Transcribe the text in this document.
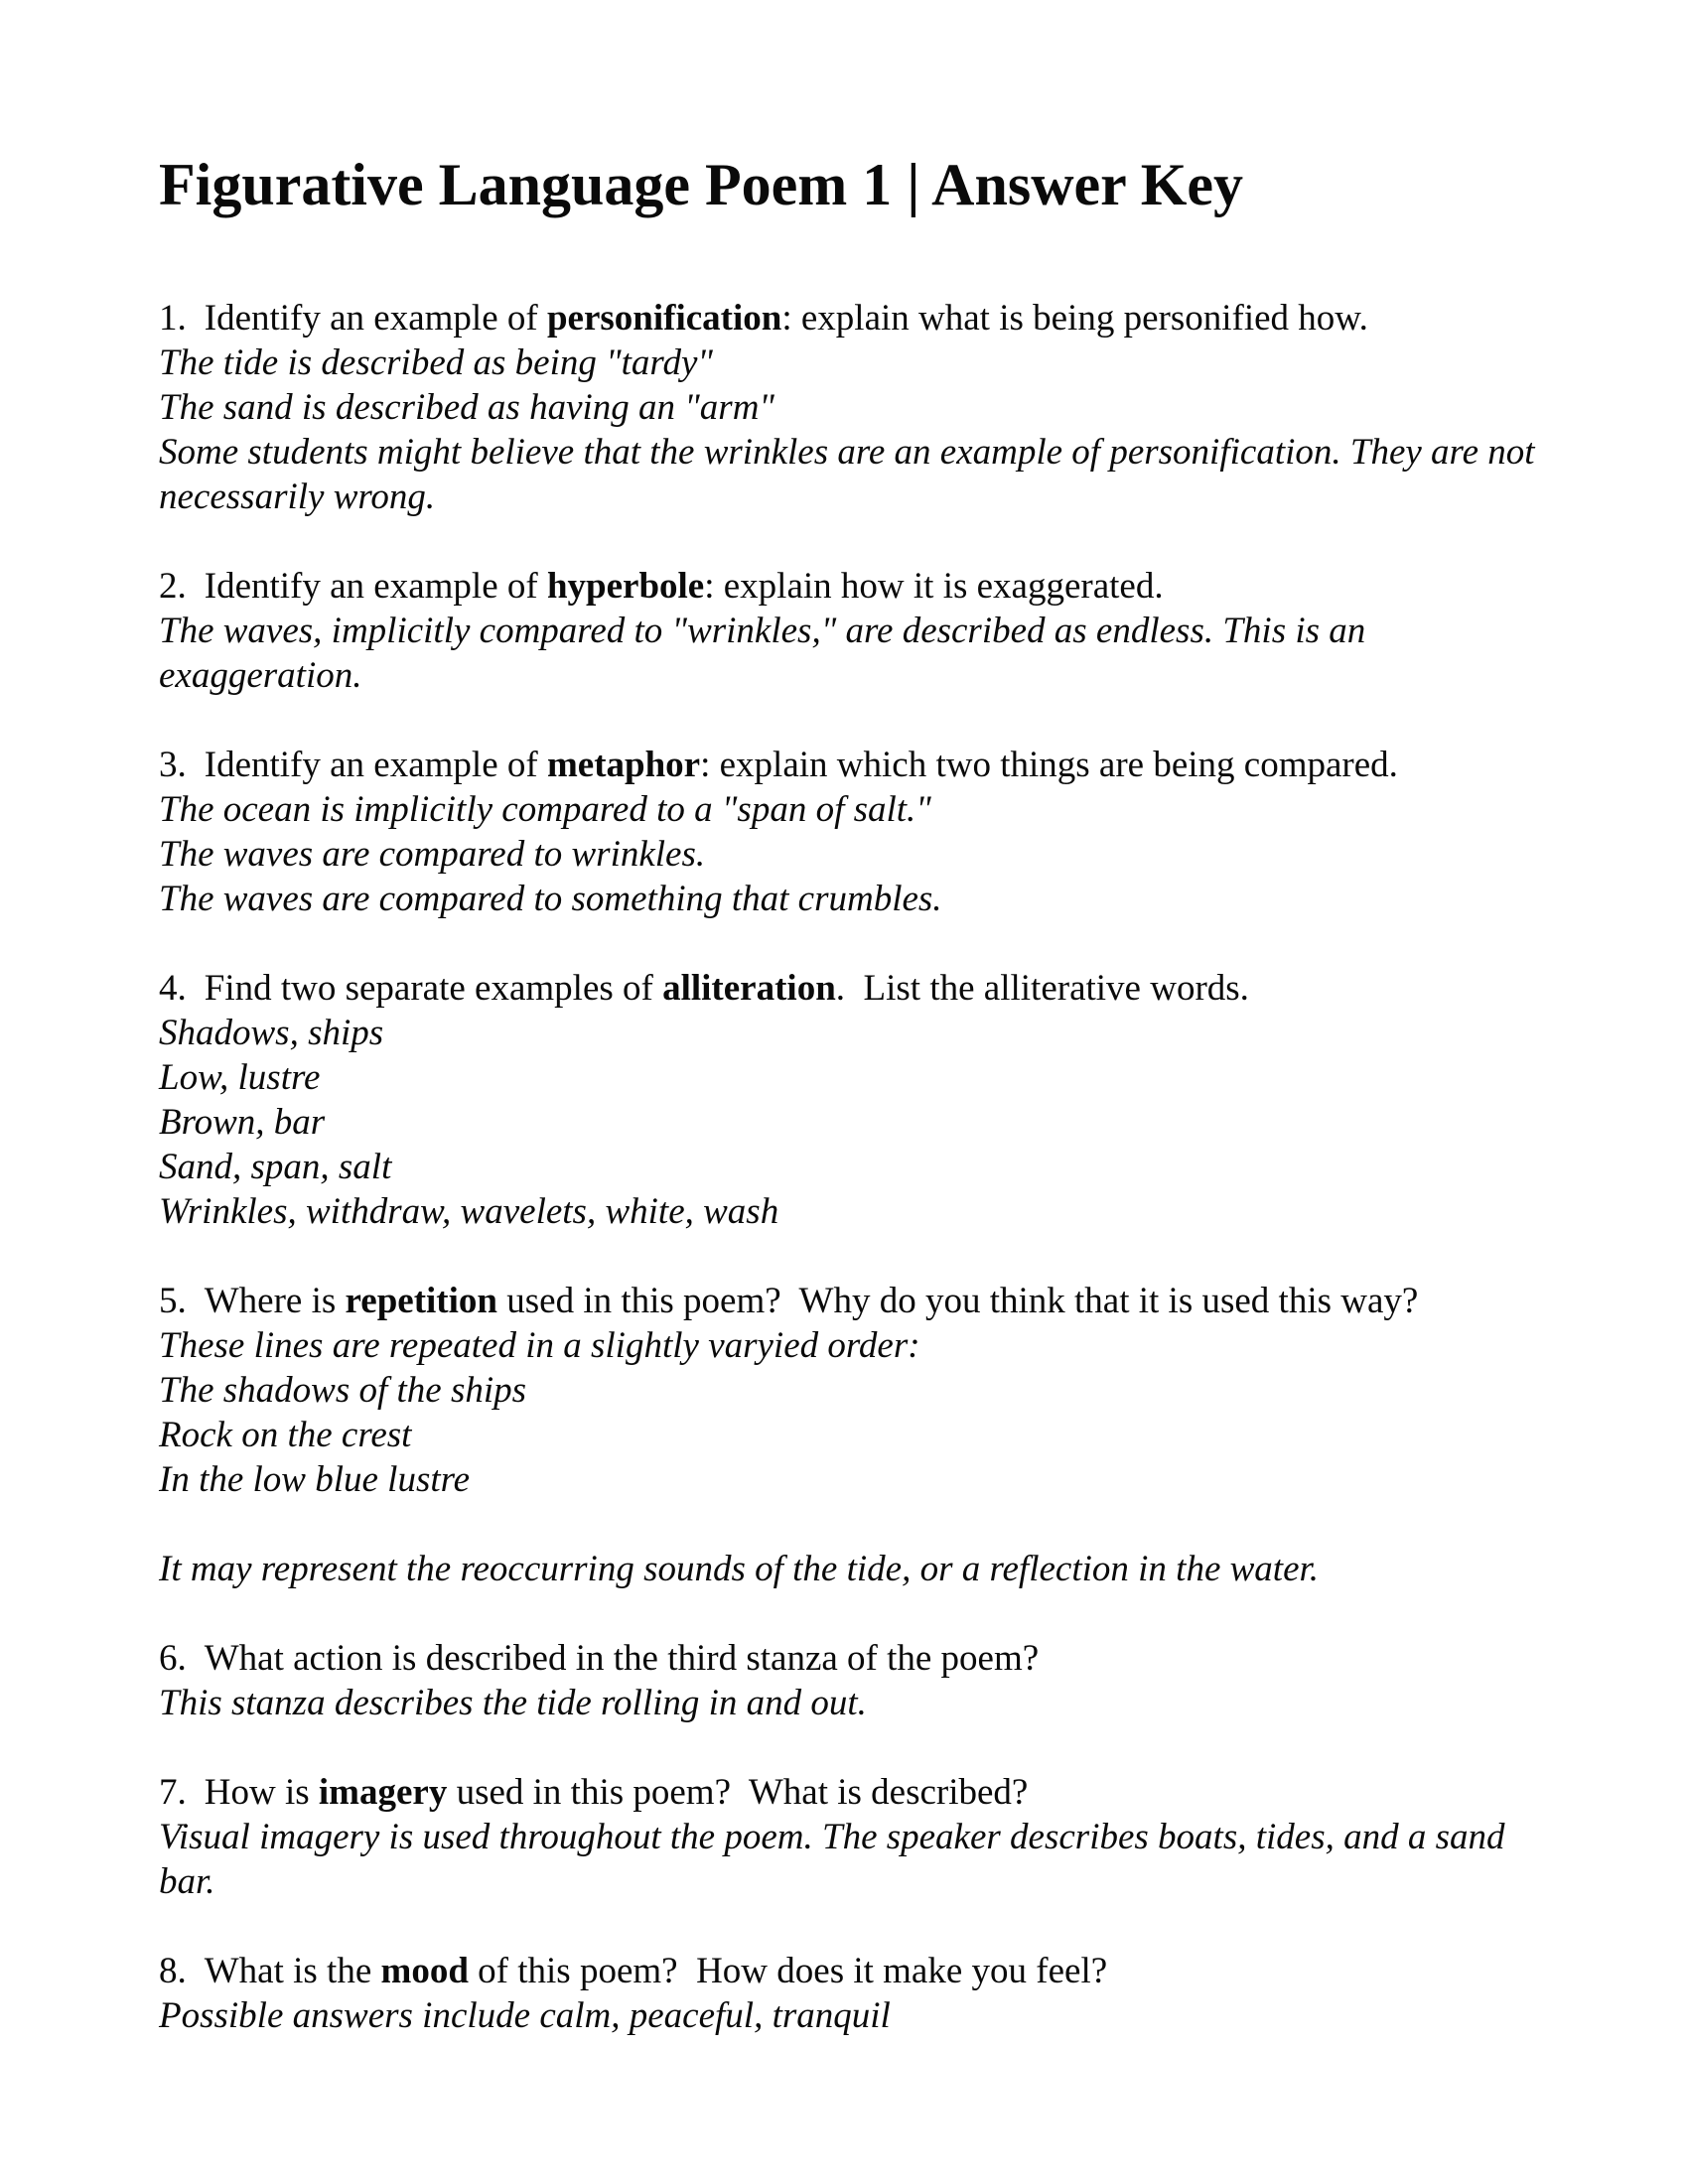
Figurative Language Poem 1 | Answer Key

1. Identify an example of personification: explain what is being personified how.

The tide is described as being "tardy"

The sand is described as having an "arm"

Some students might believe that the wrinkles are an example of personification. They are not necessarily wrong.

2. Identify an example of hyperbole: explain how it is exaggerated.

The waves, implicitly compared to "wrinkles," are described as endless. This is an exaggeration.

3. Identify an example of metaphor: explain which two things are being compared.

The ocean is implicitly compared to a "span of salt."

The waves are compared to wrinkles.

The waves are compared to something that crumbles.

4. Find two separate examples of alliteration.  List the alliterative words.

Shadows, ships

Low, lustre

Brown, bar

Sand, span, salt

Wrinkles, withdraw, wavelets, white, wash

5. Where is repetition used in this poem?  Why do you think that it is used this way?

These lines are repeated in a slightly varyied order:

The shadows of the ships

Rock on the crest

In the low blue lustre

It may represent the reoccurring sounds of the tide, or a reflection in the water.

6. What action is described in the third stanza of the poem?

This stanza describes the tide rolling in and out.

7. How is imagery used in this poem?  What is described?

Visual imagery is used throughout the poem. The speaker describes boats, tides, and a sand bar.

8. What is the mood of this poem?  How does it make you feel?

Possible answers include calm, peaceful, tranquil
